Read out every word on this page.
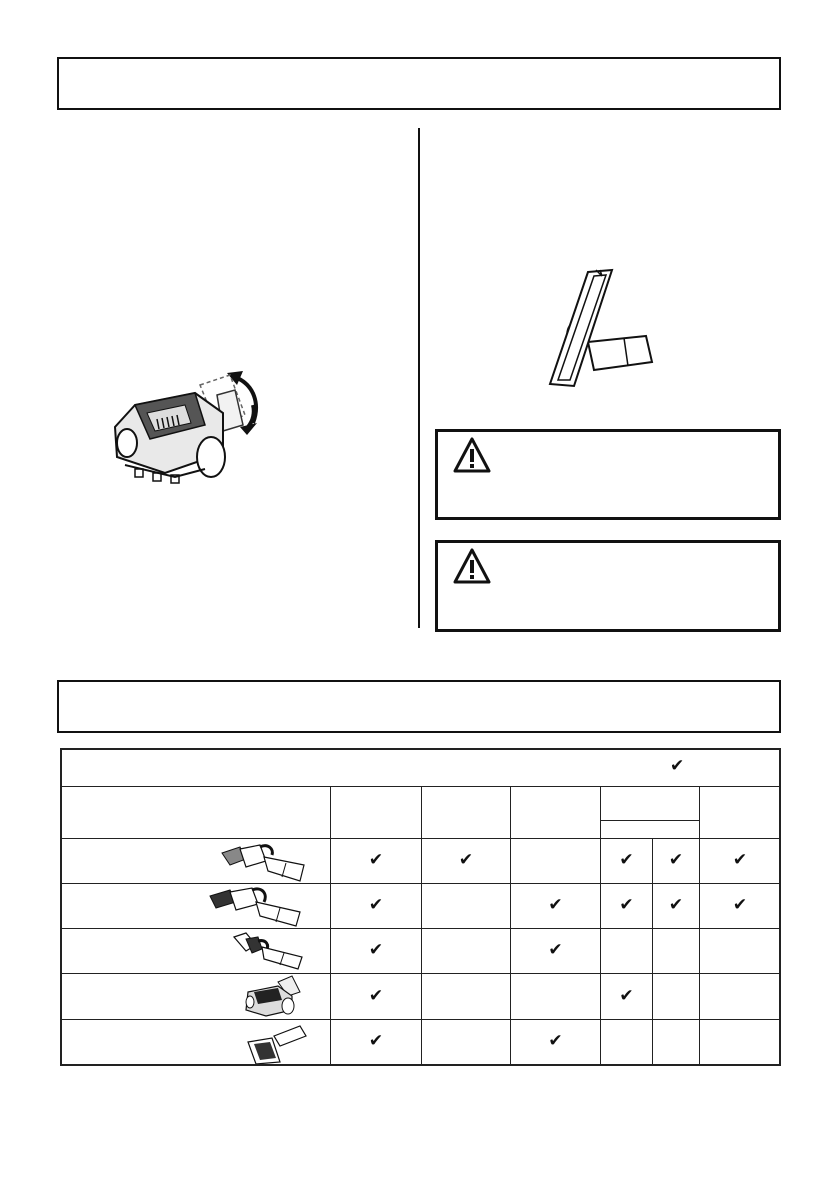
✔						

	✔	✔		✔	✔	✔

	✔		✔	✔	✔	✔

	✔		✔			

	✔			✔		

	✔		✔			
